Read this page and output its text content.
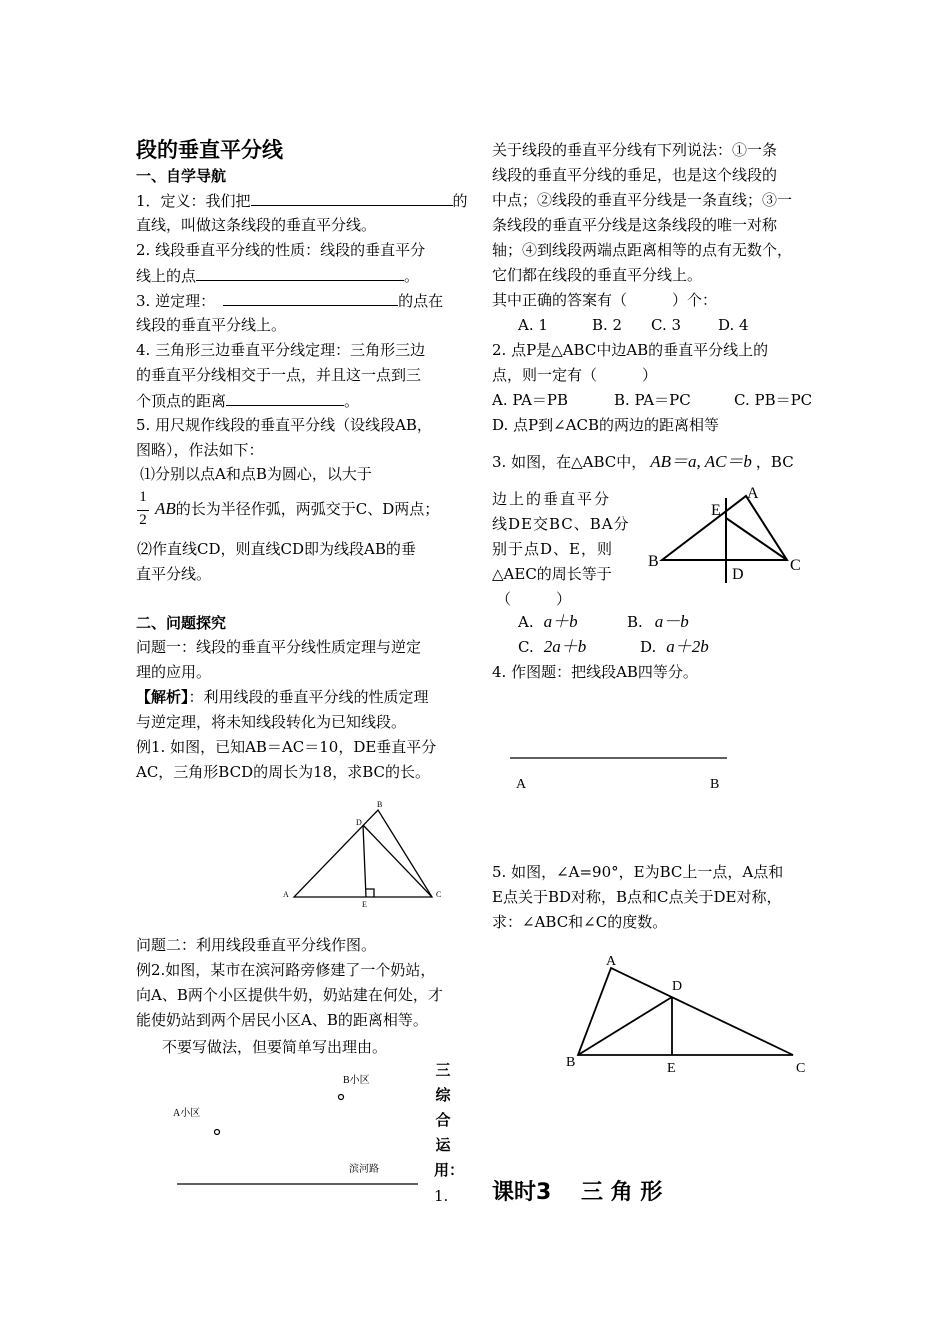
段的垂直平分线
一、自学导航
1．定义：我们把	的
直线，叫做这条线段的垂直平分线。
2. 线段垂直平分线的性质：线段的垂直平分
线上的点	。
3. 逆定理：	的点在
线段的垂直平分线上。
4. 三角形三边垂直平分线定理：三角形三边
的垂直平分线相交于一点，并且这一点到三
个顶点的距离	。
5. 用尺规作线段的垂直平分线（设线段AB，
图略），作法如下：
⑴分别以点A和点B为圆心，以大于
1
2
AB的长为半径作弧，两弧交于C、D两点；
⑵作直线CD，则直线CD即为线段AB的垂
直平分线。
二、问题探究
问题一：线段的垂直平分线性质定理与逆定
理的应用。
【解析】：利用线段的垂直平分线的性质定理
与逆定理，将未知线段转化为已知线段。
例1. 如图，已知AB＝AC＝10，DE垂直平分
AC，三角形BCD的周长为18，求BC的长。
B
D
A	C
E
问题二：利用线段垂直平分线作图。
例2.如图，某市在滨河路旁修建了一个奶站，
向A、B两个小区提供牛奶，奶站建在何处，才
能使奶站到两个居民小区A、B的距离相等。
不要写做法，但要简单写出理由。
B小区
A小区
滨河路
三
综
合
运
用：
1.
关于线段的垂直平分线有下列说法：①一条
线段的垂直平分线的垂足，也是这个线段的
中点；②线段的垂直平分线是一条直线；③一
条线段的垂直平分线是这条线段的唯一对称
轴；④到线段两端点距离相等的点有无数个，
它们都在线段的垂直平分线上。
其中正确的答案有（　　　）个：
A. 1	B. 2 C. 3 D. 4
2. 点P是△ABC中边AB的垂直平分线上的
点，则一定有（　　　）
A. PA＝PB	B. PA＝PC	C. PB＝PC
D. 点P到∠ACB的两边的距离相等
3. 如图，在△ABC中， AB＝a, AC＝b ，BC
边上的垂直平分
线DE交BC、BA分
别于点D、E，则
△AEC的周长等于
（　　　）
A
E
B
D
C
A. a＋b	B. a－b
C. 2a＋b	D. a＋2b
4. 作图题：把线段AB四等分。
A	B
5. 如图，∠A=90°，E为BC上一点，A点和
E点关于BD对称，B点和C点关于DE对称，
求：∠ABC和∠C的度数。
A
D
B	E	C
课时3　 三 角 形
